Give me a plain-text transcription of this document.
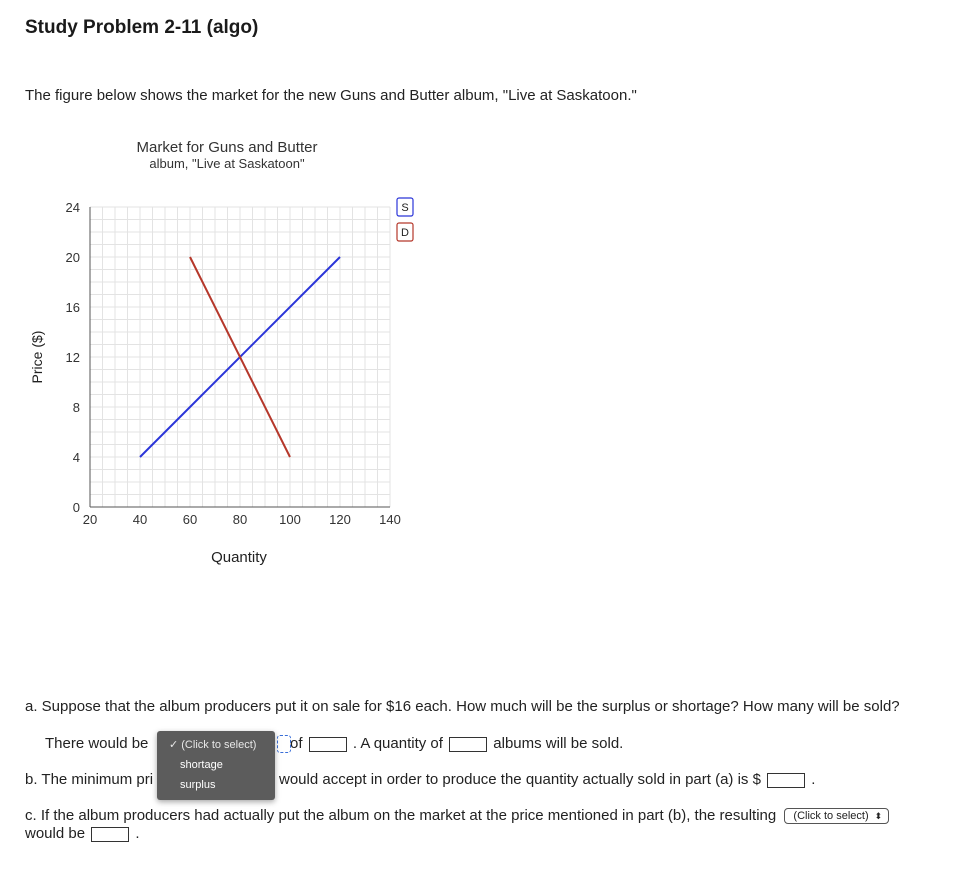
Study Problem 2-11 (algo)
The figure below shows the market for the new Guns and Butter album, "Live at Saskatoon."
20	40	60	80 100 120 140
0
4
8
12
16
20
24
Market for Guns and Butter
album, "Live at Saskatoon"
Quantity
Price ($)
S
D
a. Suppose that the album producers put it on sale for $16 each. How much will be the surplus or shortage? How many will be sold?
There would be	of	. A quantity of	albums will be sold.
b. The minimum pri	would accept in order to produce the quantity actually sold in part (a) is $	.
c. If the album producers had actually put the album on the market at the price mentioned in part (b), the resulting (Click to select) ⬍
would be	.
✓ (Click to select)
shortage
surplus
